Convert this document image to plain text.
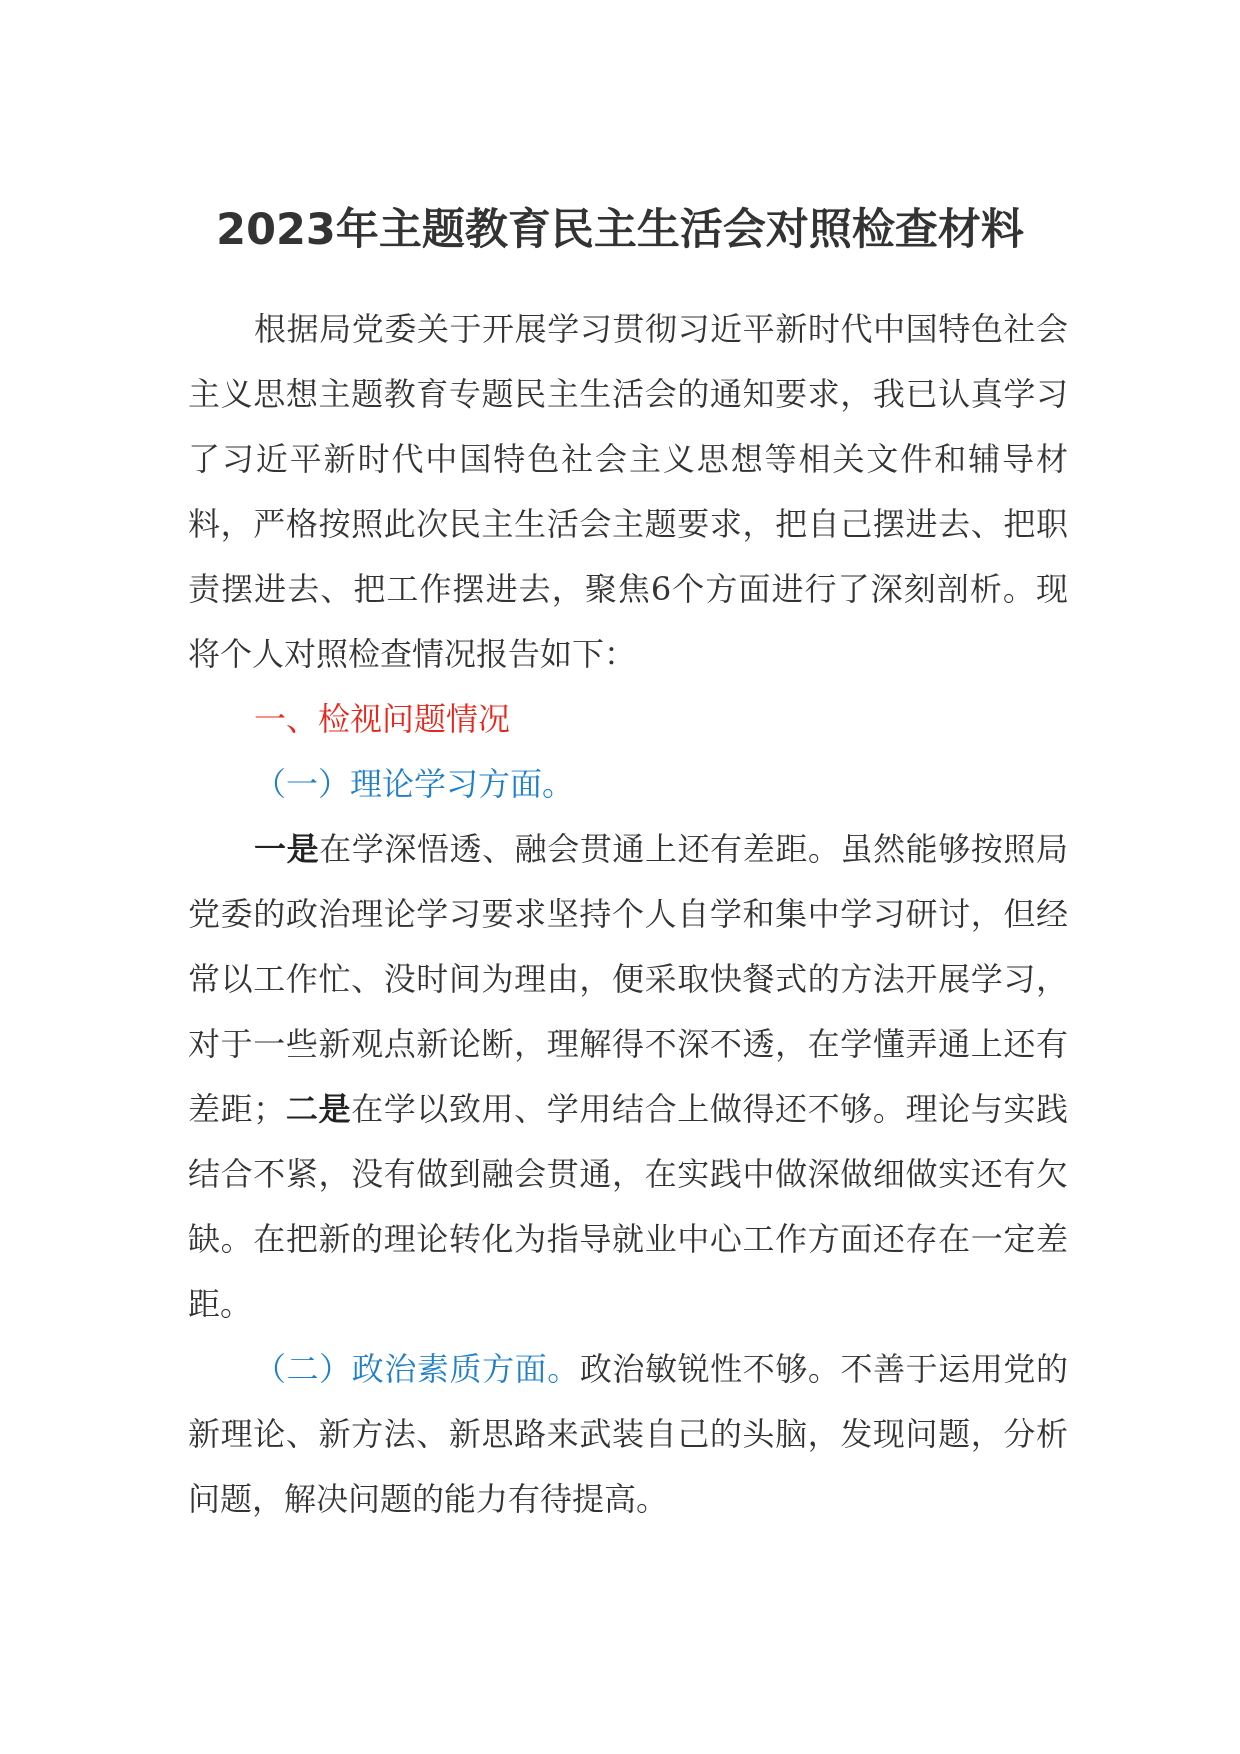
2023年主题教育民主生活会对照检查材料

根据局党委关于开展学习贯彻习近平新时代中国特色社会主义思想主题教育专题民主生活会的通知要求，我已认真学习了习近平新时代中国特色社会主义思想等相关文件和辅导材料，严格按照此次民主生活会主题要求，把自己摆进去、把职责摆进去、把工作摆进去，聚焦6个方面进行了深刻剖析。现将个人对照检查情况报告如下：

一、检视问题情况

（一）理论学习方面。

一是在学深悟透、融会贯通上还有差距。虽然能够按照局党委的政治理论学习要求坚持个人自学和集中学习研讨，但经常以工作忙、没时间为理由，便采取快餐式的方法开展学习，对于一些新观点新论断，理解得不深不透，在学懂弄通上还有差距；二是在学以致用、学用结合上做得还不够。理论与实践结合不紧，没有做到融会贯通，在实践中做深做细做实还有欠缺。在把新的理论转化为指导就业中心工作方面还存在一定差距。

（二）政治素质方面。政治敏锐性不够。不善于运用党的新理论、新方法、新思路来武装自己的头脑，发现问题，分析问题，解决问题的能力有待提高。
